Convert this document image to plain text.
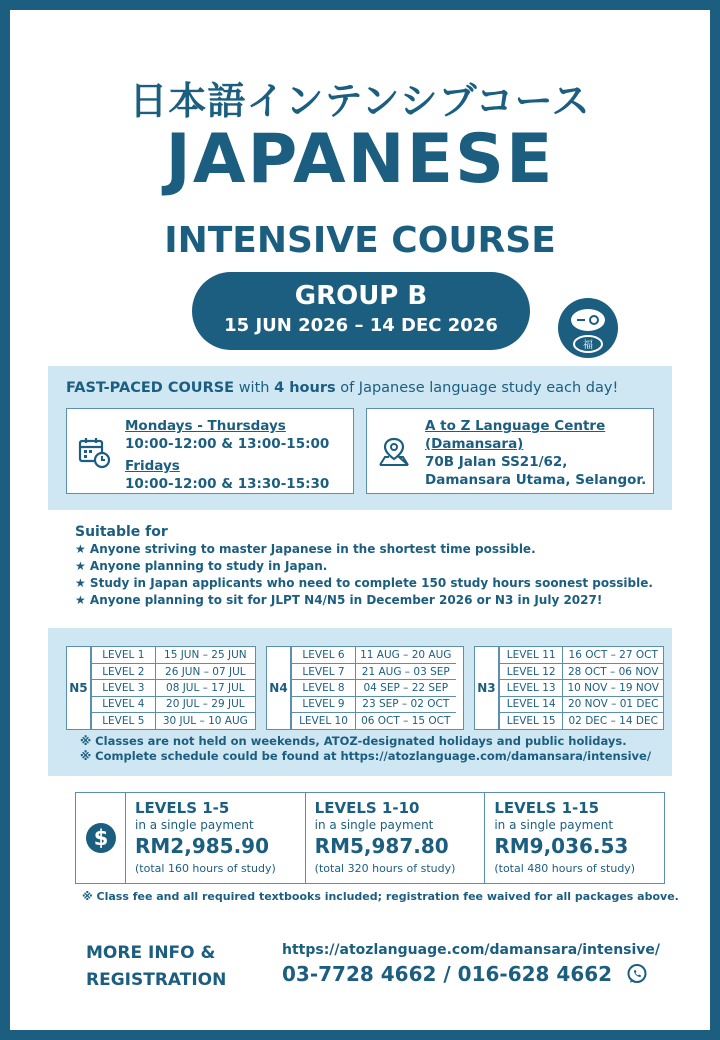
日本語インテンシブコース
JAPANESE
INTENSIVE COURSE
GROUP B
15 JUN 2026 – 14 DEC 2026
福
FAST-PACED COURSE with 4 hours of Japanese language study each day!
Mondays - Thursdays
10:00-12:00 & 13:00-15:00
Fridays
10:00-12:00 & 13:30-15:30
A to Z Language Centre
(Damansara)
70B Jalan SS21/62,
Damansara Utama, Selangor.
Suitable for
★ Anyone striving to master Japanese in the shortest time possible.
★ Anyone planning to study in Japan.
★ Study in Japan applicants who need to complete 150 study hours soonest possible.
★ Anyone planning to sit for JLPT N4/N5 in December 2026 or N3 in July 2027!
N5
LEVEL 1	15 JUN – 25 JUN
LEVEL 2	26 JUN – 07 JUL
LEVEL 3	08 JUL – 17 JUL
LEVEL 4	20 JUL – 29 JUL
LEVEL 5	30 JUL – 10 AUG
N4
LEVEL 6	11 AUG – 20 AUG
LEVEL 7	21 AUG – 03 SEP
LEVEL 8	04 SEP – 22 SEP
LEVEL 9	23 SEP – 02 OCT
LEVEL 10	06 OCT – 15 OCT
N3
LEVEL 11	16 OCT – 27 OCT
LEVEL 12	28 OCT – 06 NOV
LEVEL 13	10 NOV – 19 NOV
LEVEL 14	20 NOV – 01 DEC
LEVEL 15	02 DEC – 14 DEC
※ Classes are not held on weekends, ATOZ-designated holidays and public holidays.
※ Complete schedule could be found at https://atozlanguage.com/damansara/intensive/
$
LEVELS 1-5
in a single payment
RM2,985.90
(total 160 hours of study)
LEVELS 1-10
in a single payment
RM5,987.80
(total 320 hours of study)
LEVELS 1-15
in a single payment
RM9,036.53
(total 480 hours of study)
※ Class fee and all required textbooks included; registration fee waived for all packages above.
MORE INFO &
REGISTRATION
https://atozlanguage.com/damansara/intensive/
03-7728 4662 / 016-628 4662
